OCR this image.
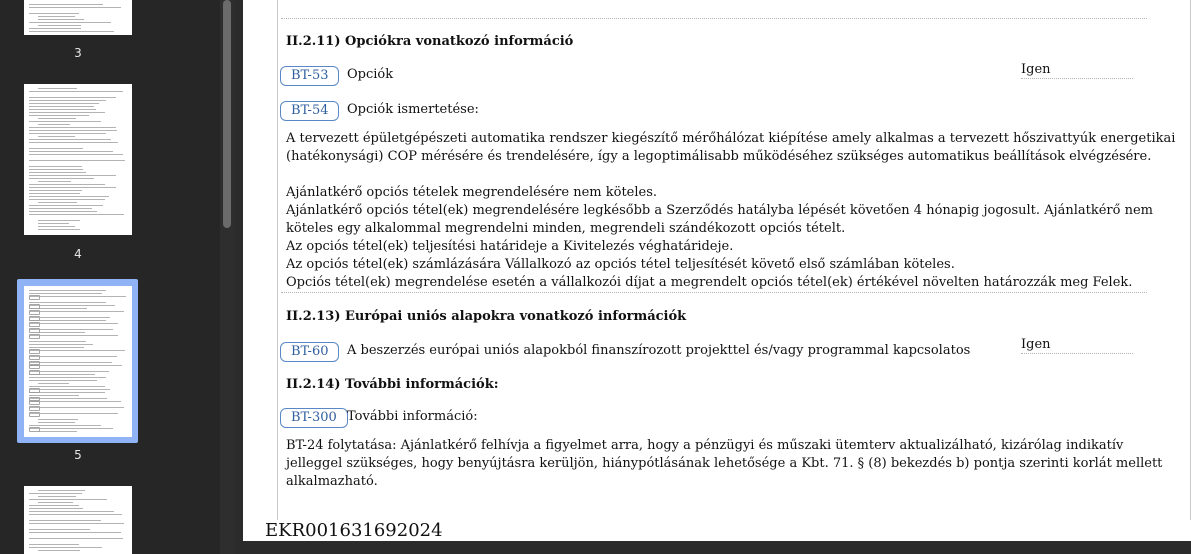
3
4
5
II.2.11) Opciókra vonatkozó információ
BT-53	Opciók	Igen
BT-54	Opciók ismertetése:
A tervezett épületgépészeti automatika rendszer kiegészítő mérőhálózat kiépítése amely alkalmas a tervezett hőszivattyúk energetikai
(hatékonysági) COP mérésére és trendelésére, így a legoptimálisabb működéséhez szükséges automatikus beállítások elvégzésére.

Ajánlatkérő opciós tételek megrendelésére nem köteles.
Ajánlatkérő opciós tétel(ek) megrendelésére legkésőbb a Szerződés hatályba lépését követően 4 hónapig jogosult. Ajánlatkérő nem
köteles egy alkalommal megrendelni minden, megrendeli szándékozott opciós tételt.
Az opciós tétel(ek) teljesítési határideje a Kivitelezés véghatárideje.
Az opciós tétel(ek) számlázására Vállalkozó az opciós tétel teljesítését követő első számlában köteles.
Opciós tétel(ek) megrendelése esetén a vállalkozói díjat a megrendelt opciós tétel(ek) értékével növelten határozzák meg Felek.
II.2.13) Európai uniós alapokra vonatkozó információk
BT-60	A beszerzés európai uniós alapokból finanszírozott projekttel és/vagy programmal kapcsolatos	Igen
II.2.14) További információk:
BT-300 További információ:
BT-24 folytatása: Ajánlatkérő felhívja a figyelmet arra, hogy a pénzügyi és műszaki ütemterv aktualizálható, kizárólag indikatív
jelleggel szükséges, hogy benyújtásra kerüljön, hiánypótlásának lehetősége a Kbt. 71. § (8) bekezdés b) pontja szerinti korlát mellett
alkalmazható.
EKR001631692024
